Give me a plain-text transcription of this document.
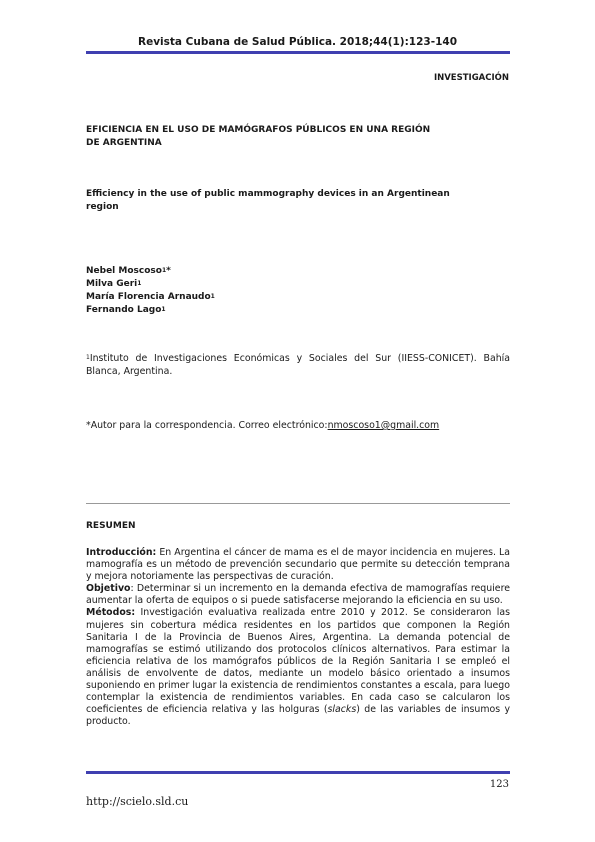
Revista Cubana de Salud Pública. 2018;44(1):123-140
INVESTIGACIÓN
EFICIENCIA EN EL USO DE MAMÓGRAFOS PÚBLICOS EN UNA REGIÓN
DE ARGENTINA
Efficiency in the use of public mammography devices in an Argentinean
region
Nebel Moscoso$^1$*
Milva Geri$^1$
María Florencia Arnaudo$^1$
Fernando Lago$^1$
$^1$Instituto de Investigaciones Económicas y Sociales del Sur (IIESS-CONICET). Bahía Blanca, Argentina.
*Autor para la correspondencia. Correo electrónico:nmoscoso1@gmail.com
RESUMEN

Introducción: En Argentina el cáncer de mama es el de mayor incidencia en mujeres. La mamografía es un método de prevención secundario que permite su detección temprana y mejora notoriamente las perspectivas de curación.

Objetivo: Determinar si un incremento en la demanda efectiva de mamografías requiere aumentar la oferta de equipos o si puede satisfacerse mejorando la eficiencia en su uso.

Métodos: Investigación evaluativa realizada entre 2010 y 2012. Se consideraron las mujeres sin cobertura médica residentes en los partidos que componen la Región Sanitaria I de la Provincia de Buenos Aires, Argentina. La demanda potencial de mamografías se estimó utilizando dos protocolos clínicos alternativos. Para estimar la eficiencia relativa de los mamógrafos públicos de la Región Sanitaria I se empleó el análisis de envolvente de datos, mediante un modelo básico orientado a insumos suponiendo en primer lugar la existencia de rendimientos constantes a escala, para luego contemplar la existencia de rendimientos variables. En cada caso se calcularon los coeficientes de eficiencia relativa y las holguras (slacks) de las variables de insumos y producto.

123
http://scielo.sld.cu
